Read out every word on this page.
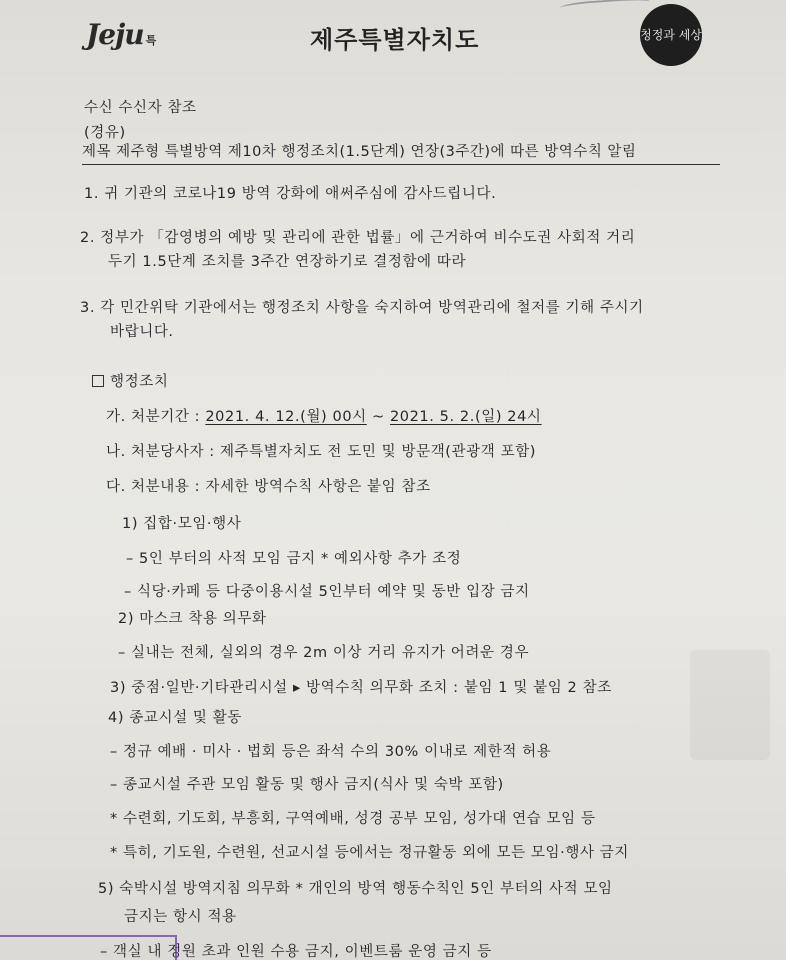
Jeju 특	제주특별자치도	청정과 세상
수신 수신자 참조
(경유)
제목 제주형 특별방역 제10차 행정조치(1.5단계) 연장(3주간)에 따른 방역수칙 알림
1. 귀 기관의 코로나19 방역 강화에 애써주심에 감사드립니다.
2. 정부가 「감영병의 예방 및 관리에 관한 법률」에 근거하여 비수도권 사회적 거리
두기 1.5단계 조치를 3주간 연장하기로 결정함에 따라
3. 각 민간위탁 기관에서는 행정조치 사항을 숙지하여 방역관리에 철저를 기해 주시기
바랍니다.
행정조치
가. 처분기간 : 2021. 4. 12.(월) 00시 ~ 2021. 5. 2.(일) 24시
나. 처분당사자 : 제주특별자치도 전 도민 및 방문객(관광객 포함)
다. 처분내용 : 자세한 방역수칙 사항은 붙임 참조
1) 집합·모임·행사
– 5인 부터의 사적 모임 금지 * 예외사항 추가 조정
– 식당·카페 등 다중이용시설 5인부터 예약 및 동반 입장 금지
2) 마스크 착용 의무화
– 실내는 전체, 실외의 경우 2m 이상 거리 유지가 어려운 경우
3) 중점·일반·기타관리시설 ▸ 방역수칙 의무화 조치 : 붙임 1 및 붙임 2 참조
4) 종교시설 및 활동
– 정규 예배 · 미사 · 법회 등은 좌석 수의 30% 이내로 제한적 허용
– 종교시설 주관 모임 활동 및 행사 금지(식사 및 숙박 포함)
* 수련회, 기도회, 부흥회, 구역예배, 성경 공부 모임, 성가대 연습 모임 등
* 특히, 기도원, 수련원, 선교시설 등에서는 정규활동 외에 모든 모임·행사 금지
5) 숙박시설 방역지침 의무화 * 개인의 방역 행동수칙인 5인 부터의 사적 모임
금지는 항시 적용
– 객실 내 정원 초과 인원 수용 금지, 이벤트룸 운영 금지 등
